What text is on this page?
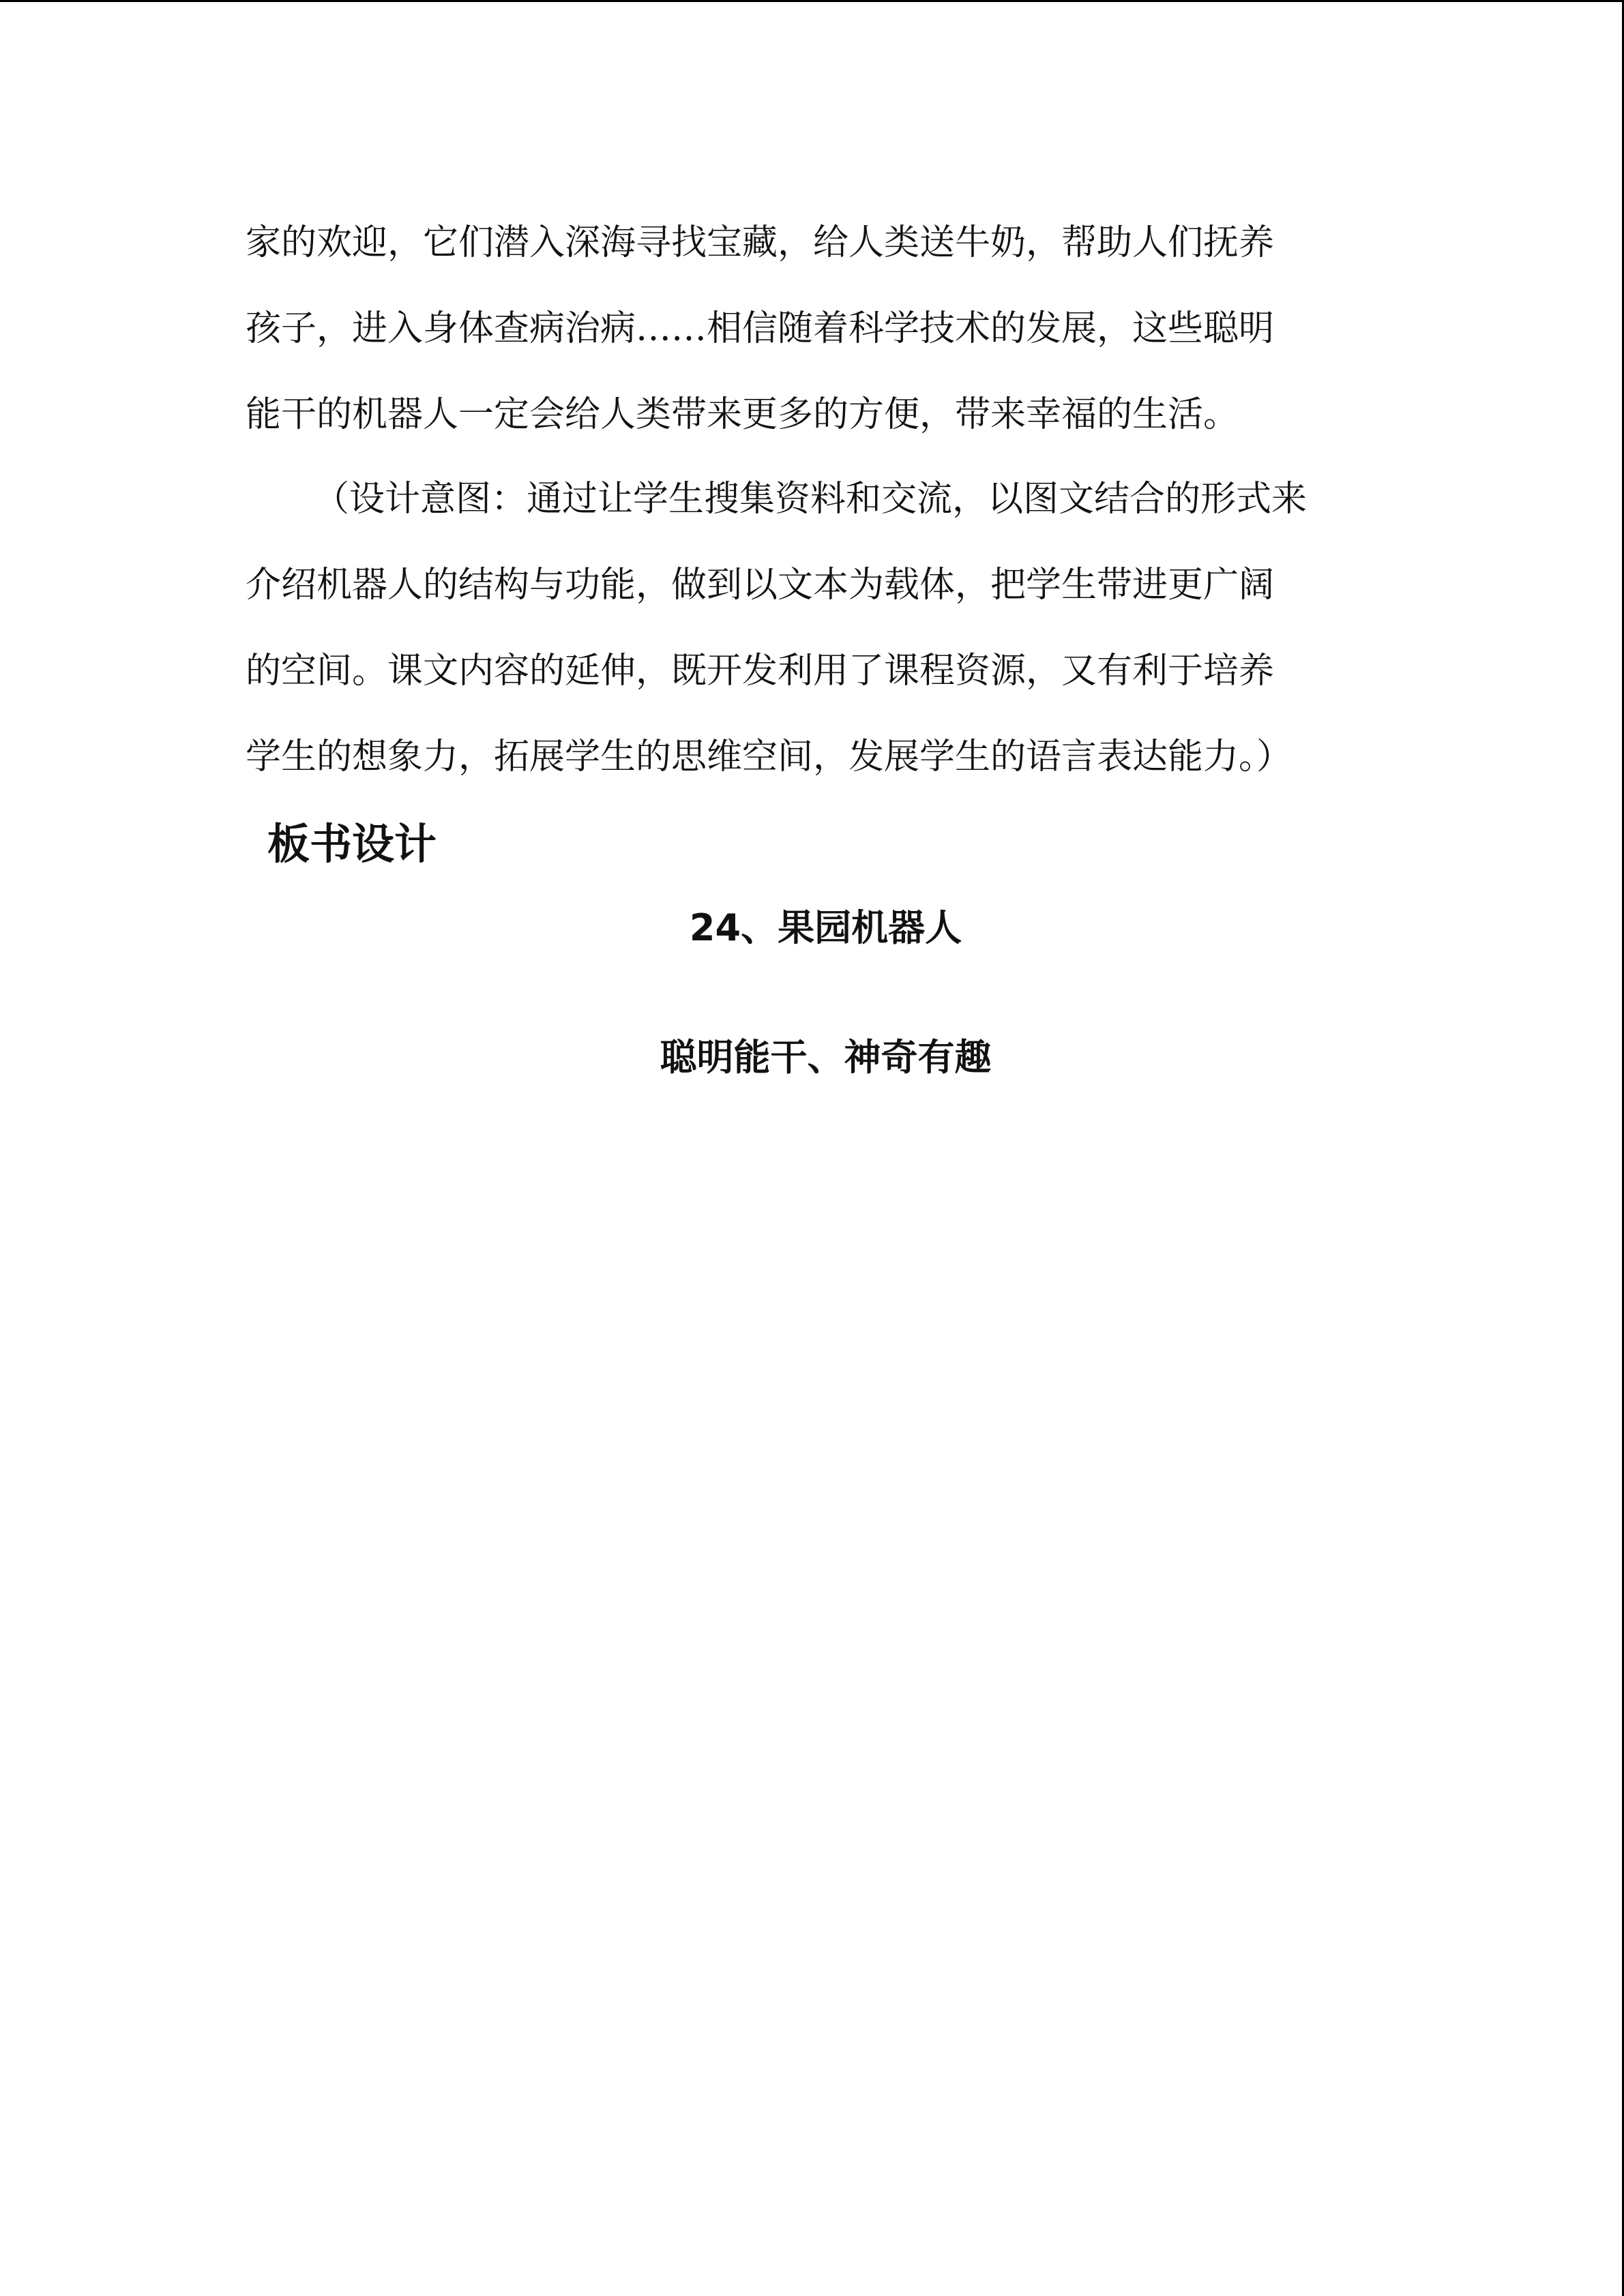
家的欢迎，它们潜入深海寻找宝藏，给人类送牛奶，帮助人们抚养
孩子，进入身体查病治病……相信随着科学技术的发展，这些聪明
能干的机器人一定会给人类带来更多的方便，带来幸福的生活。
（设计意图：通过让学生搜集资料和交流，以图文结合的形式来
介绍机器人的结构与功能，做到以文本为载体，把学生带进更广阔
的空间。课文内容的延伸，既开发利用了课程资源，又有利于培养
学生的想象力，拓展学生的思维空间，发展学生的语言表达能力。）
板书设计

24、果园机器人

聪明能干、神奇有趣
